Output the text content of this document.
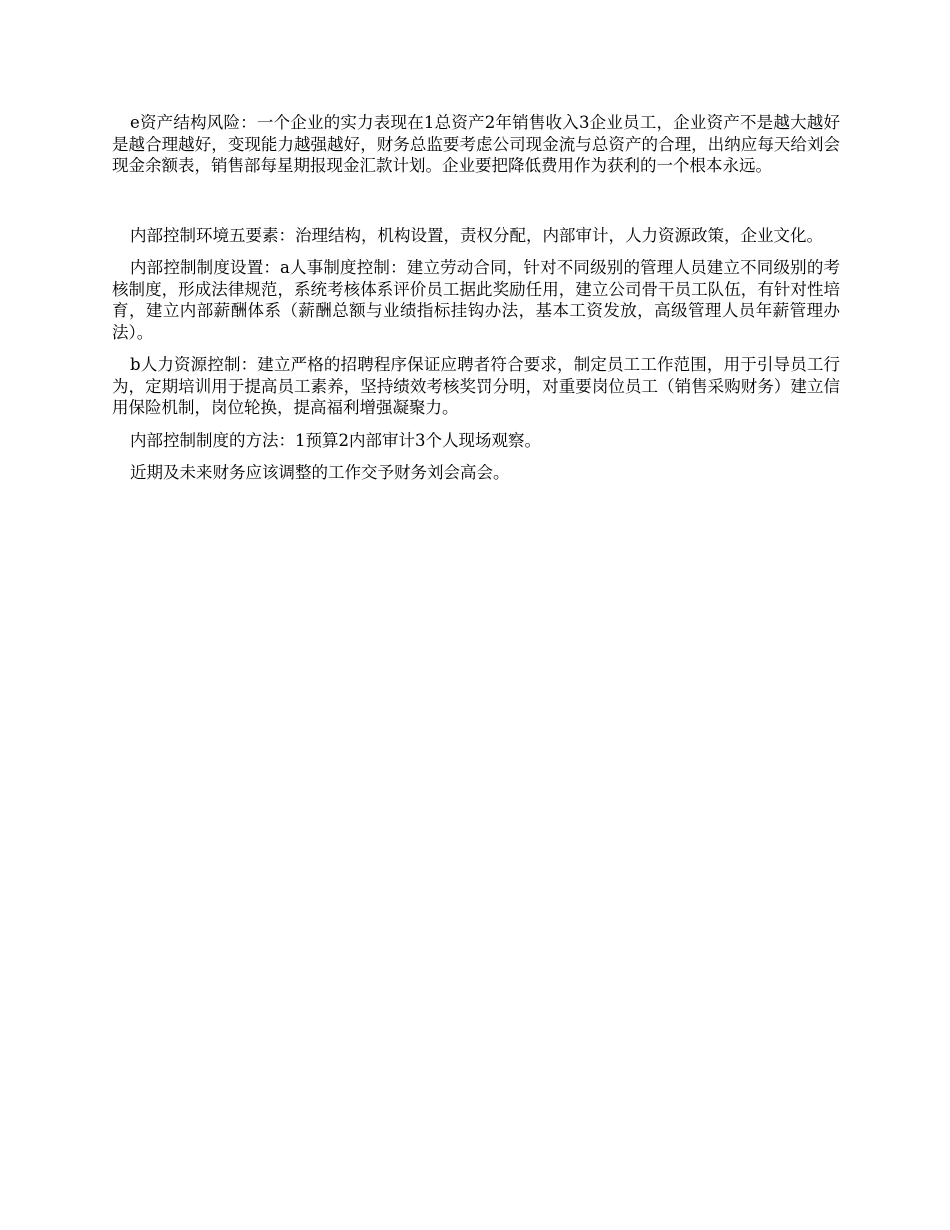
e资产结构风险：一个企业的实力表现在1总资产2年销售收入3企业员工，企业资产不是越大越好是越合理越好，变现能力越强越好，财务总监要考虑公司现金流与总资产的合理，出纳应每天给刘会现金余额表，销售部每星期报现金汇款计划。企业要把降低费用作为获利的一个根本永远。

内部控制环境五要素：治理结构，机构设置，责权分配，内部审计，人力资源政策，企业文化。

内部控制制度设置：a人事制度控制：建立劳动合同，针对不同级别的管理人员建立不同级别的考核制度，形成法律规范，系统考核体系评价员工据此奖励任用，建立公司骨干员工队伍，有针对性培育，建立内部薪酬体系（薪酬总额与业绩指标挂钩办法，基本工资发放，高级管理人员年薪管理办法）。

b人力资源控制：建立严格的招聘程序保证应聘者符合要求，制定员工工作范围，用于引导员工行为，定期培训用于提高员工素养，坚持绩效考核奖罚分明，对重要岗位员工（销售采购财务）建立信用保险机制，岗位轮换，提高福利增强凝聚力。

内部控制制度的方法：1预算2内部审计3个人现场观察。

近期及未来财务应该调整的工作交予财务刘会高会。
